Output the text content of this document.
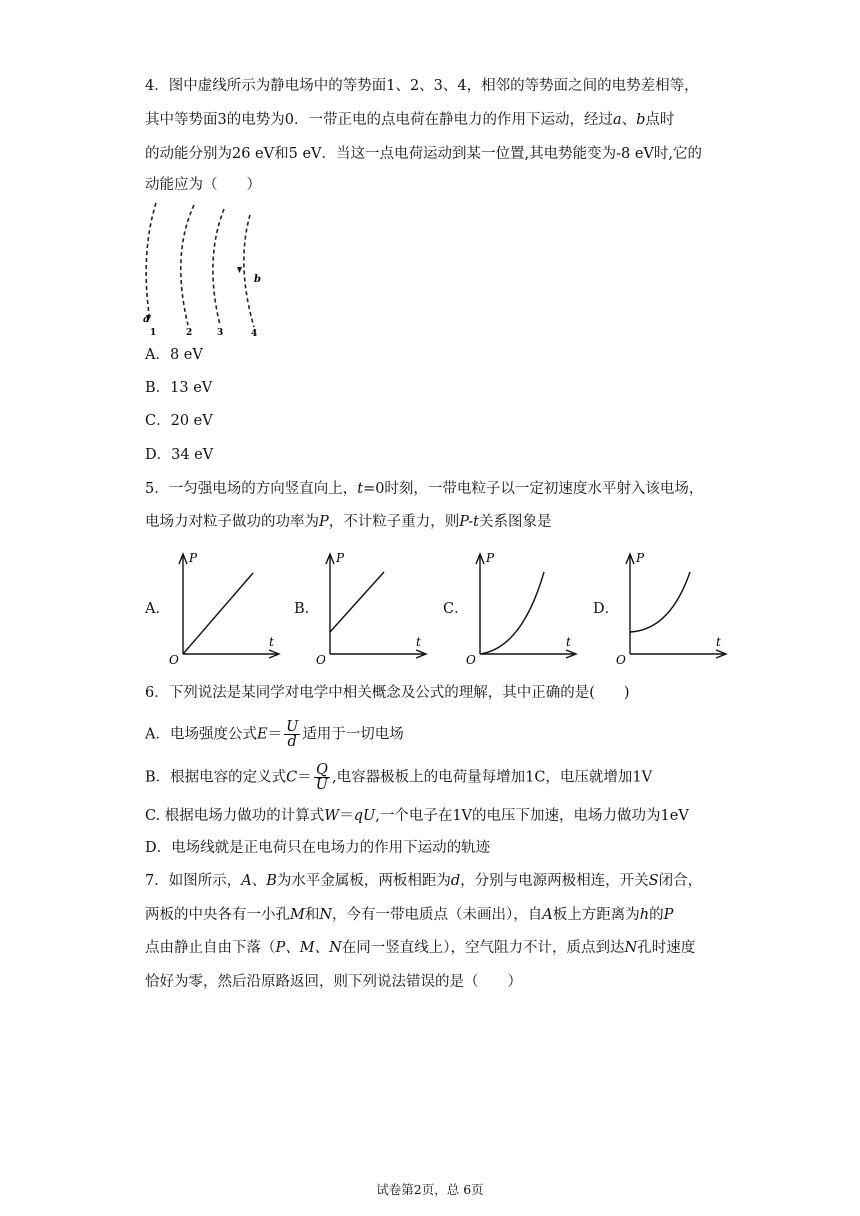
4．图中虚线所示为静电场中的等势面1、2、3、4，相邻的等势面之间的电势差相等，
其中等势面3的电势为0．一带正电的点电荷在静电力的作用下运动，经过a、b点时
的动能分别为26 eV和5 eV．当这一点电荷运动到某一位置,其电势能变为-8 eV时,它的
动能应为（　　）
a
b
1	2	3	4
A．8 eV
B．13 eV
C．20 eV
D．34 eV
5．一匀强电场的方向竖直向上，t=0时刻，一带电粒子以一定初速度水平射入该电场，
电场力对粒子做功的功率为P，不计粒子重力，则P-t关系图象是
A．	B．	C．	D．
P
t
O
P
t
O
P
t
O
P
t
O
6．下列说法是某同学对电学中相关概念及公式的理解，其中正确的是(　　)
A．电场强度公式$E= \frac{U}{d}$ 适用于一切电场
B．根据电容的定义式$C= \frac{Q}{U}$ ,电容器极板上的电荷量每增加1C，电压就增加1V
C. 根据电场力做功的计算式W＝qU,一个电子在1V的电压下加速，电场力做功为1eV
D．电场线就是正电荷只在电场力的作用下运动的轨迹
7．如图所示，A、B为水平金属板，两板相距为d，分别与电源两极相连，开关S闭合，
两板的中央各有一小孔M和N，今有一带电质点（未画出），自A板上方距离为h的P
点由静止自由下落（P、M、N在同一竖直线上），空气阻力不计，质点到达N孔时速度
恰好为零，然后沿原路返回，则下列说法错误的是（　　）
试卷第2页，总 6页
